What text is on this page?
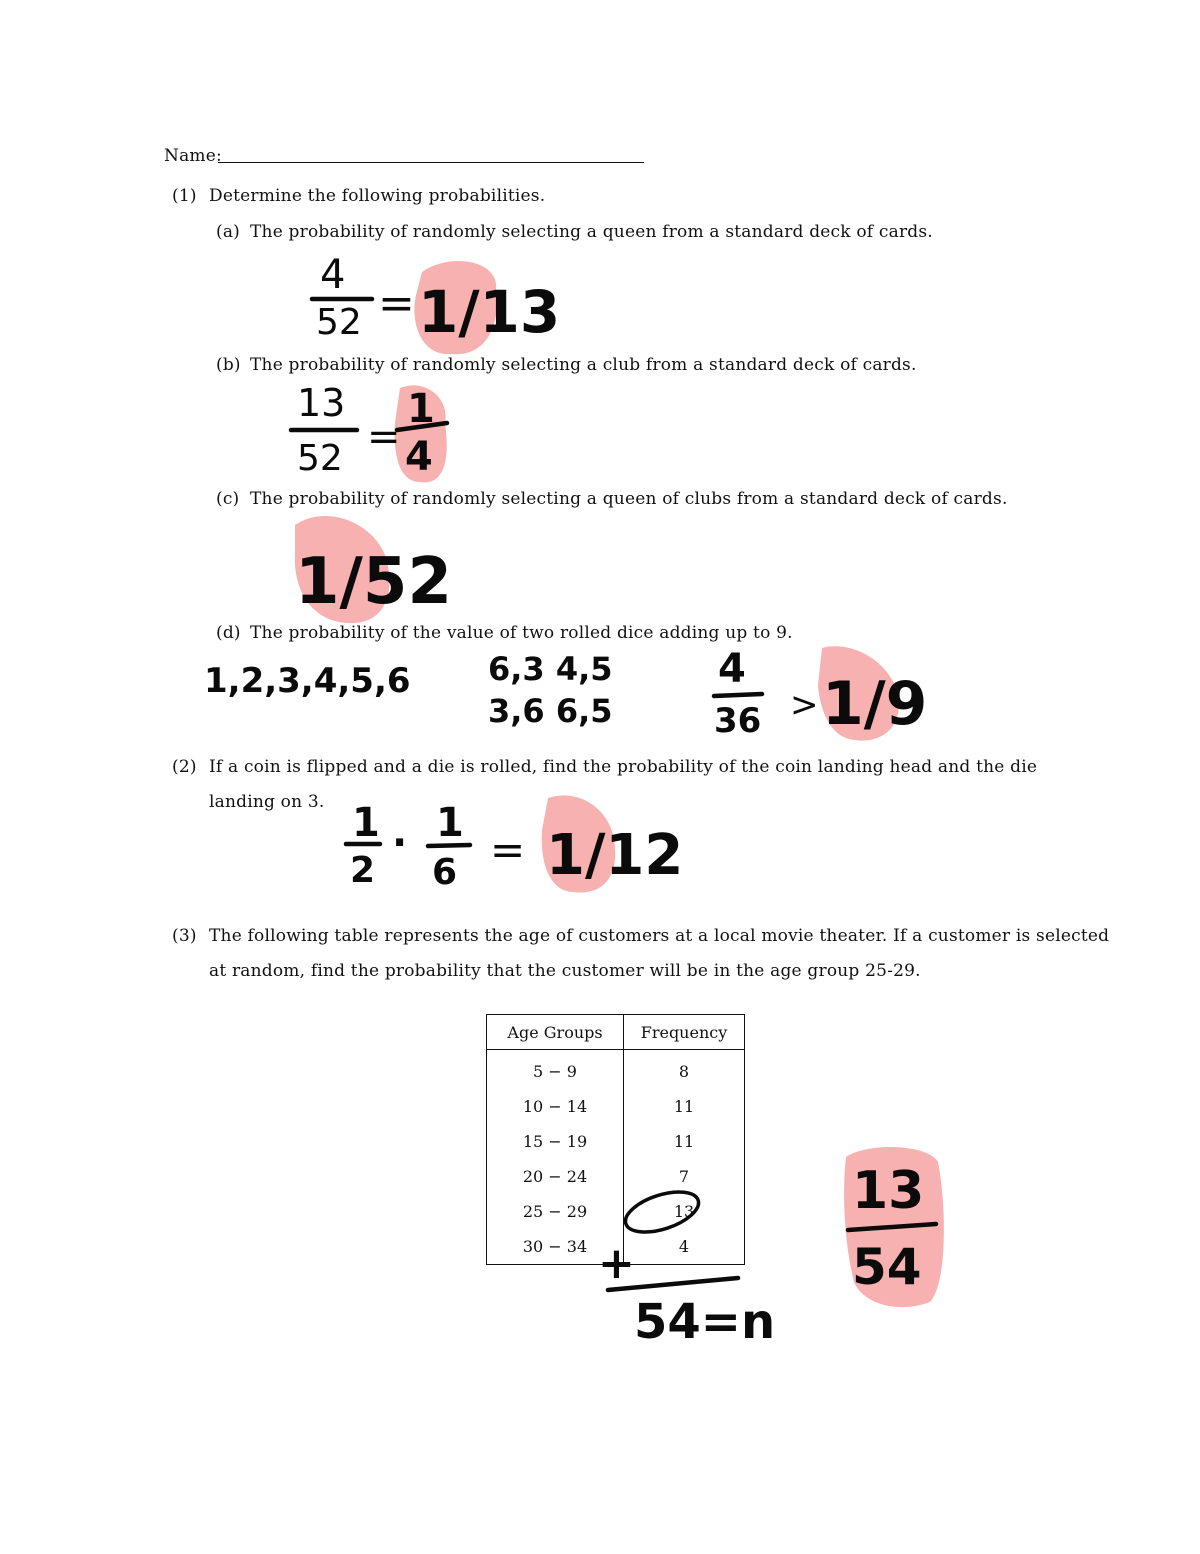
Name:
(1) Determine the following probabilities.
(a) The probability of randomly selecting a queen from a standard deck of cards.
4
52 = 1/13
(b) The probability of randomly selecting a club from a standard deck of cards.
13
52 =
1
4
(c) The probability of randomly selecting a queen of clubs from a standard deck of cards.
1/52
(d) The probability of the value of two rolled dice adding up to 9.
1,2,3,4,5,6 6,3 4,5
3,6 6,5
4
36 > 1/9
(2) If a coin is flipped and a die is rolled, find the probability of the coin landing head and the die
landing on 3. 1
2
· 1
6 = 1/12
(3) The following table represents the age of customers at a local movie theater. If a customer is selected
at random, find the probability that the customer will be in the age group 25-29.
Age Groups	Frequency
5 − 9	8
10 − 14	11
15 − 19	11
20 − 24	7
25 − 29	13
30 − 34	4
+
54=n
13
54
